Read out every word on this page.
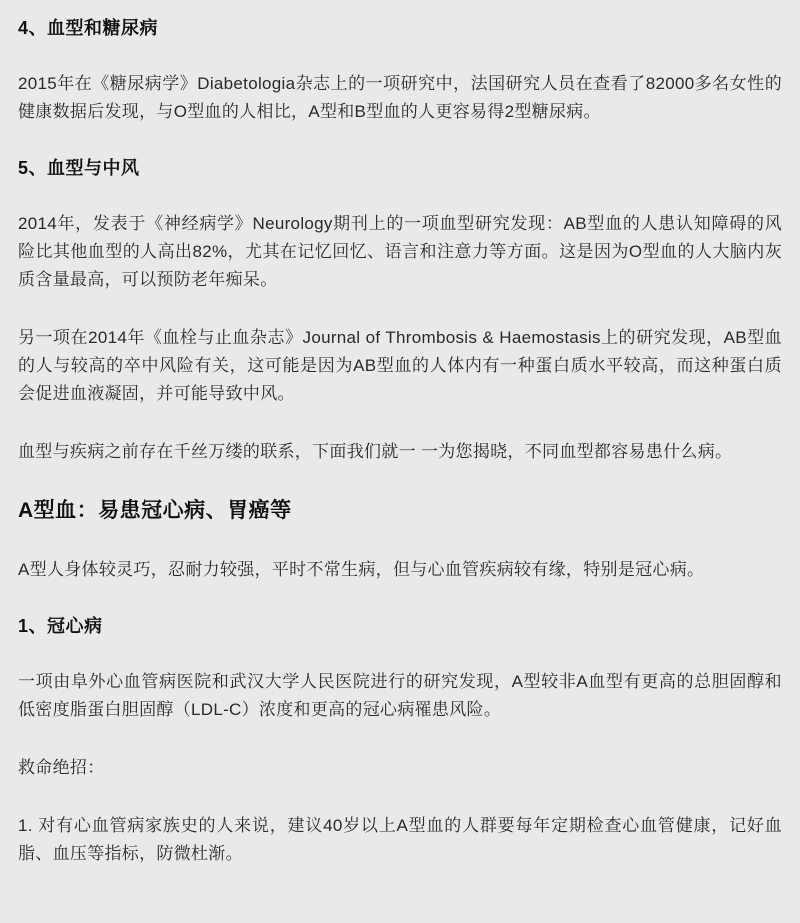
4、血型和糖尿病

2015年在《糖尿病学》Diabetologia杂志上的一项研究中，法国研究人员在查看了82000多名女性的健康数据后发现，与O型血的人相比，A型和B型血的人更容易得2型糖尿病。

5、血型与中风

2014年，发表于《神经病学》Neurology期刊上的一项血型研究发现：AB型血的人患认知障碍的风险比其他血型的人高出82%，尤其在记忆回忆、语言和注意力等方面。这是因为O型血的人大脑内灰质含量最高，可以预防老年痴呆。

另一项在2014年《血栓与止血杂志》Journal of Thrombosis & Haemostasis上的研究发现，AB型血的人与较高的卒中风险有关，这可能是因为AB型血的人体内有一种蛋白质水平较高，而这种蛋白质会促进血液凝固，并可能导致中风。

血型与疾病之前存在千丝万缕的联系，下面我们就一 一为您揭晓，不同血型都容易患什么病。

A型血：易患冠心病、胃癌等

A型人身体较灵巧，忍耐力较强，平时不常生病，但与心血管疾病较有缘，特别是冠心病。

1、冠心病

一项由阜外心血管病医院和武汉大学人民医院进行的研究发现，A型较非A血型有更高的总胆固醇和低密度脂蛋白胆固醇（LDL-C）浓度和更高的冠心病罹患风险。

救命绝招：

1. 对有心血管病家族史的人来说，建议40岁以上A型血的人群要每年定期检查心血管健康，记好血脂、血压等指标，防微杜渐。
